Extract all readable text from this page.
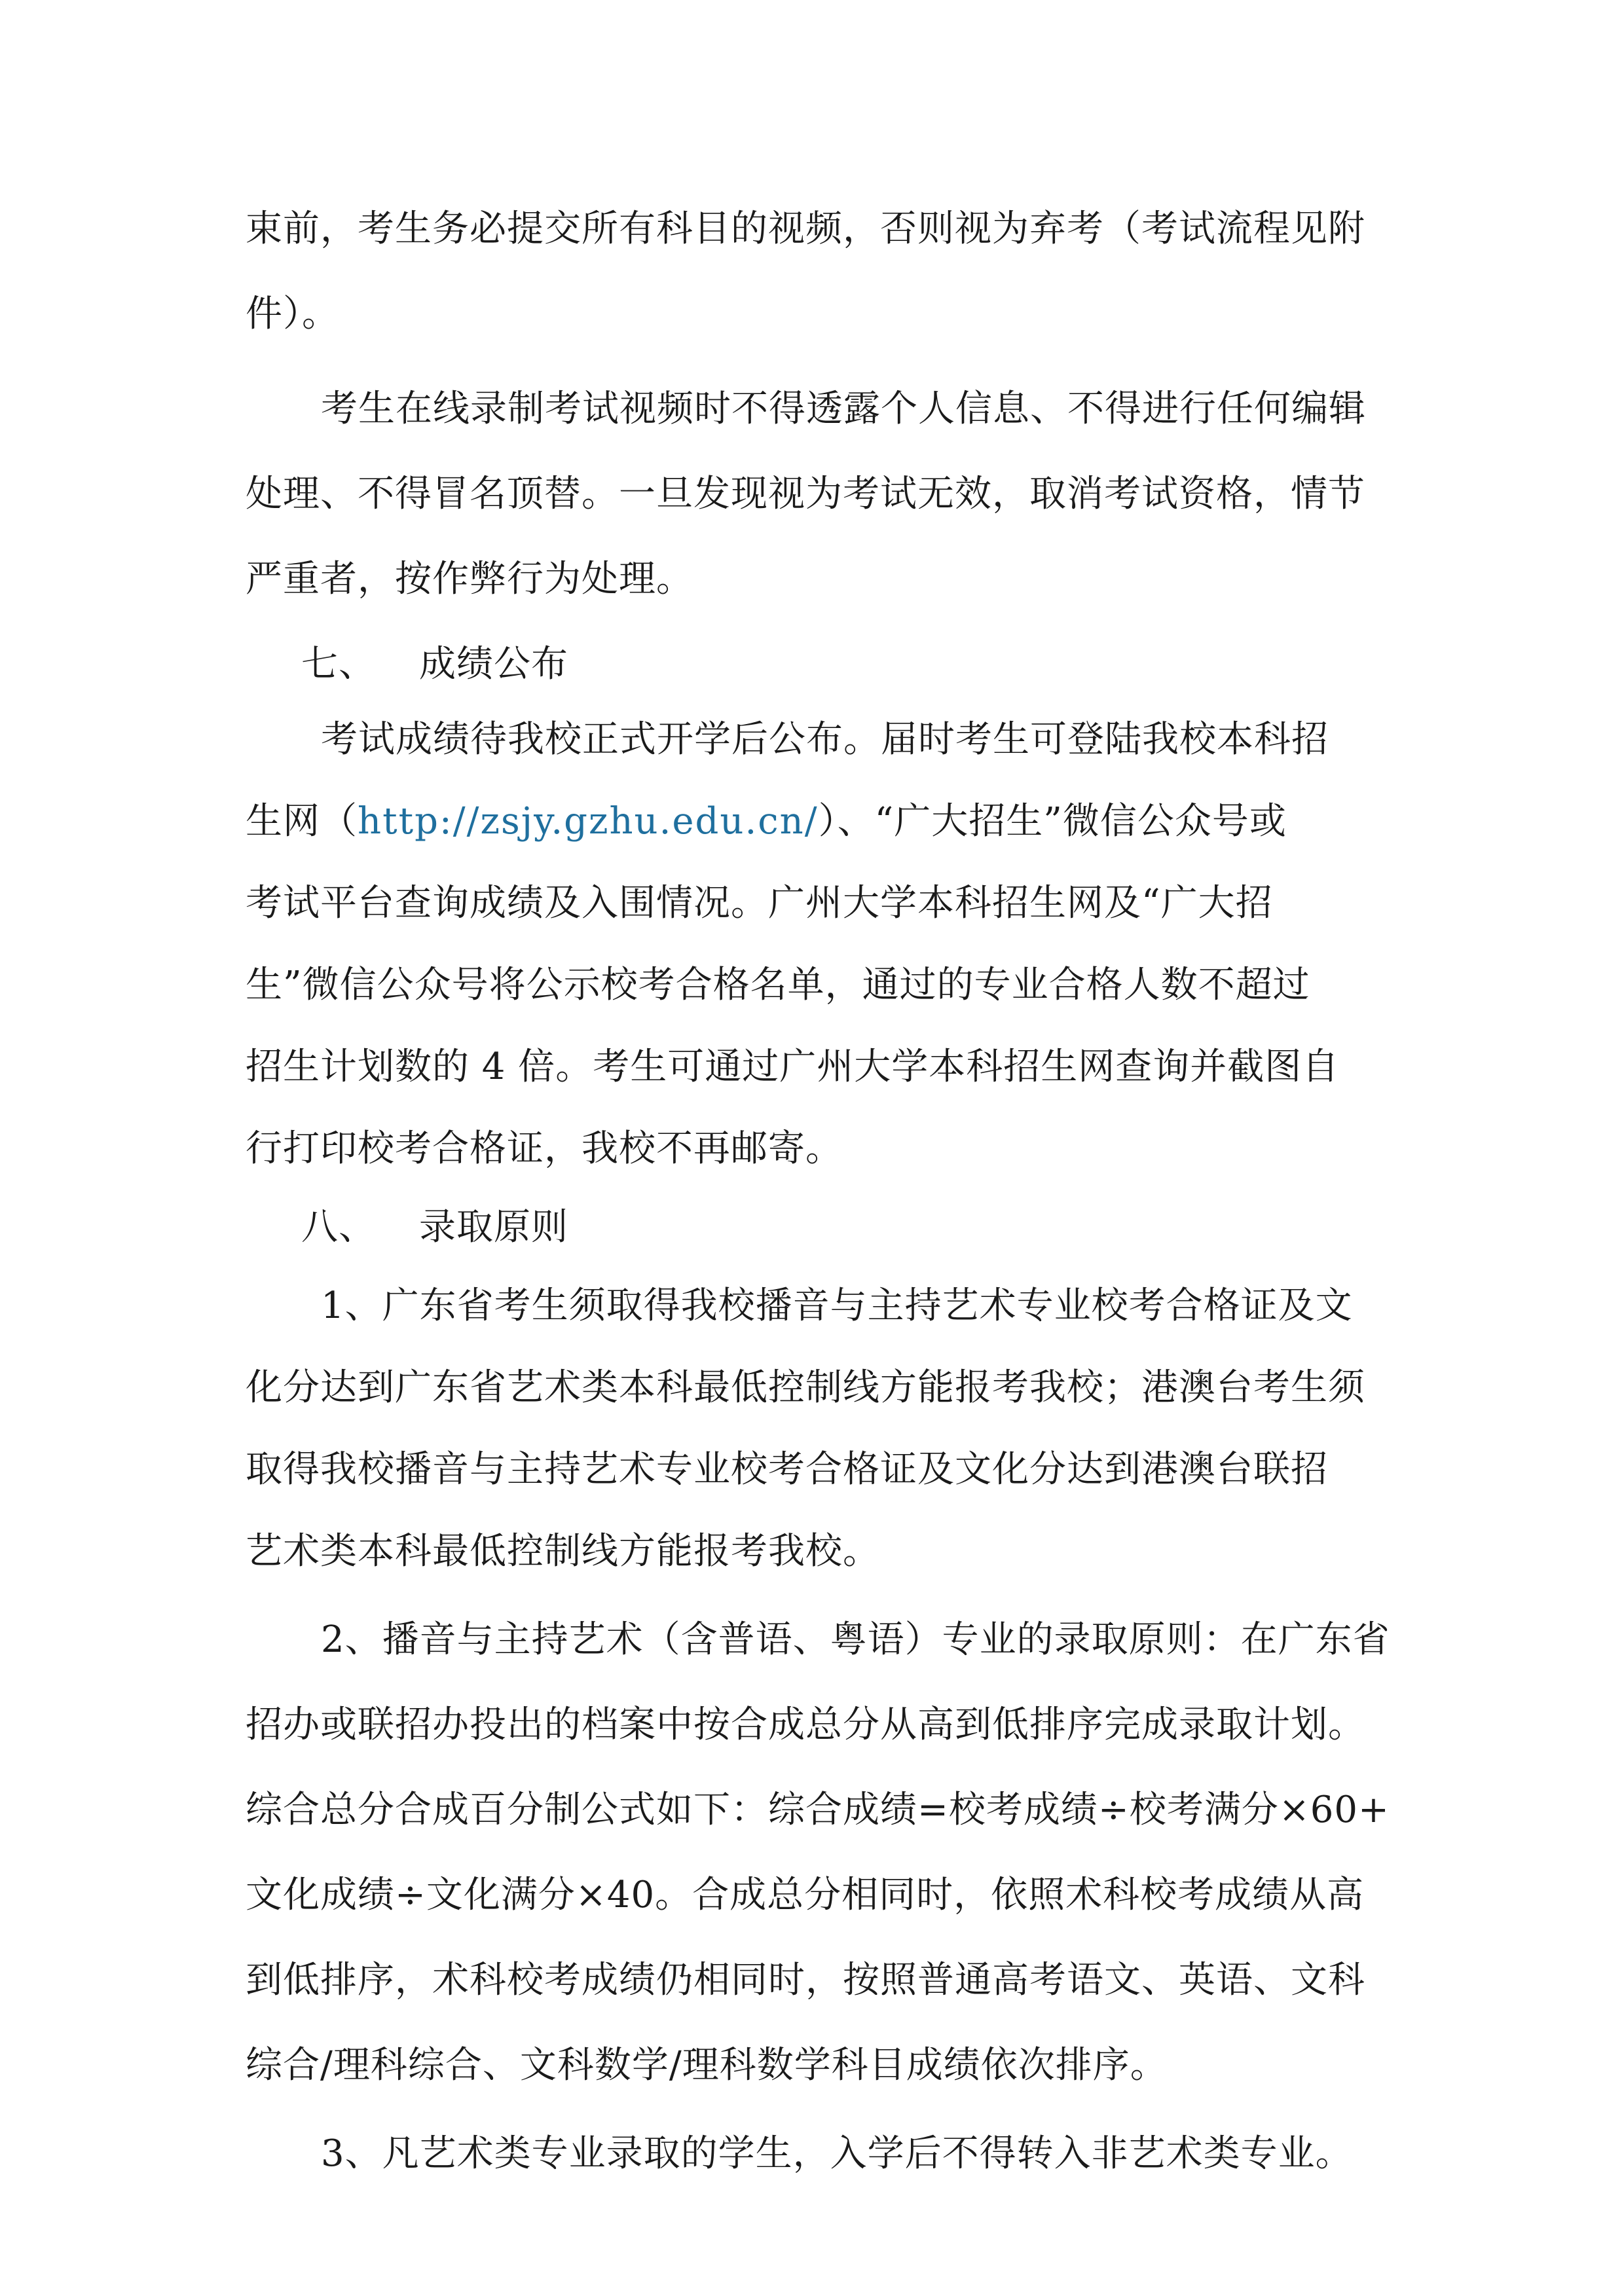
束前，考生务必提交所有科目的视频，否则视为弃考（考试流程见附
件）。
考生在线录制考试视频时不得透露个人信息、不得进行任何编辑
处理、不得冒名顶替。一旦发现视为考试无效，取消考试资格，情节
严重者，按作弊行为处理。
七、 成绩公布
考试成绩待我校正式开学后公布。届时考生可登陆我校本科招
生网（http://zsjy.gzhu.edu.cn/）、“广大招生”微信公众号或
考试平台查询成绩及入围情况。广州大学本科招生网及“广大招
生”微信公众号将公示校考合格名单，通过的专业合格人数不超过
招生计划数的 4 倍。考生可通过广州大学本科招生网查询并截图自
行打印校考合格证，我校不再邮寄。
八、 录取原则
1、广东省考生须取得我校播音与主持艺术专业校考合格证及文
化分达到广东省艺术类本科最低控制线方能报考我校；港澳台考生须
取得我校播音与主持艺术专业校考合格证及文化分达到港澳台联招
艺术类本科最低控制线方能报考我校。
2、播音与主持艺术（含普语、粤语）专业的录取原则：在广东省
招办或联招办投出的档案中按合成总分从高到低排序完成录取计划。
综合总分合成百分制公式如下：综合成绩=校考成绩÷校考满分×60+
文化成绩÷文化满分×40。合成总分相同时，依照术科校考成绩从高
到低排序，术科校考成绩仍相同时，按照普通高考语文、英语、文科
综合/理科综合、文科数学/理科数学科目成绩依次排序。
3、凡艺术类专业录取的学生，入学后不得转入非艺术类专业。
